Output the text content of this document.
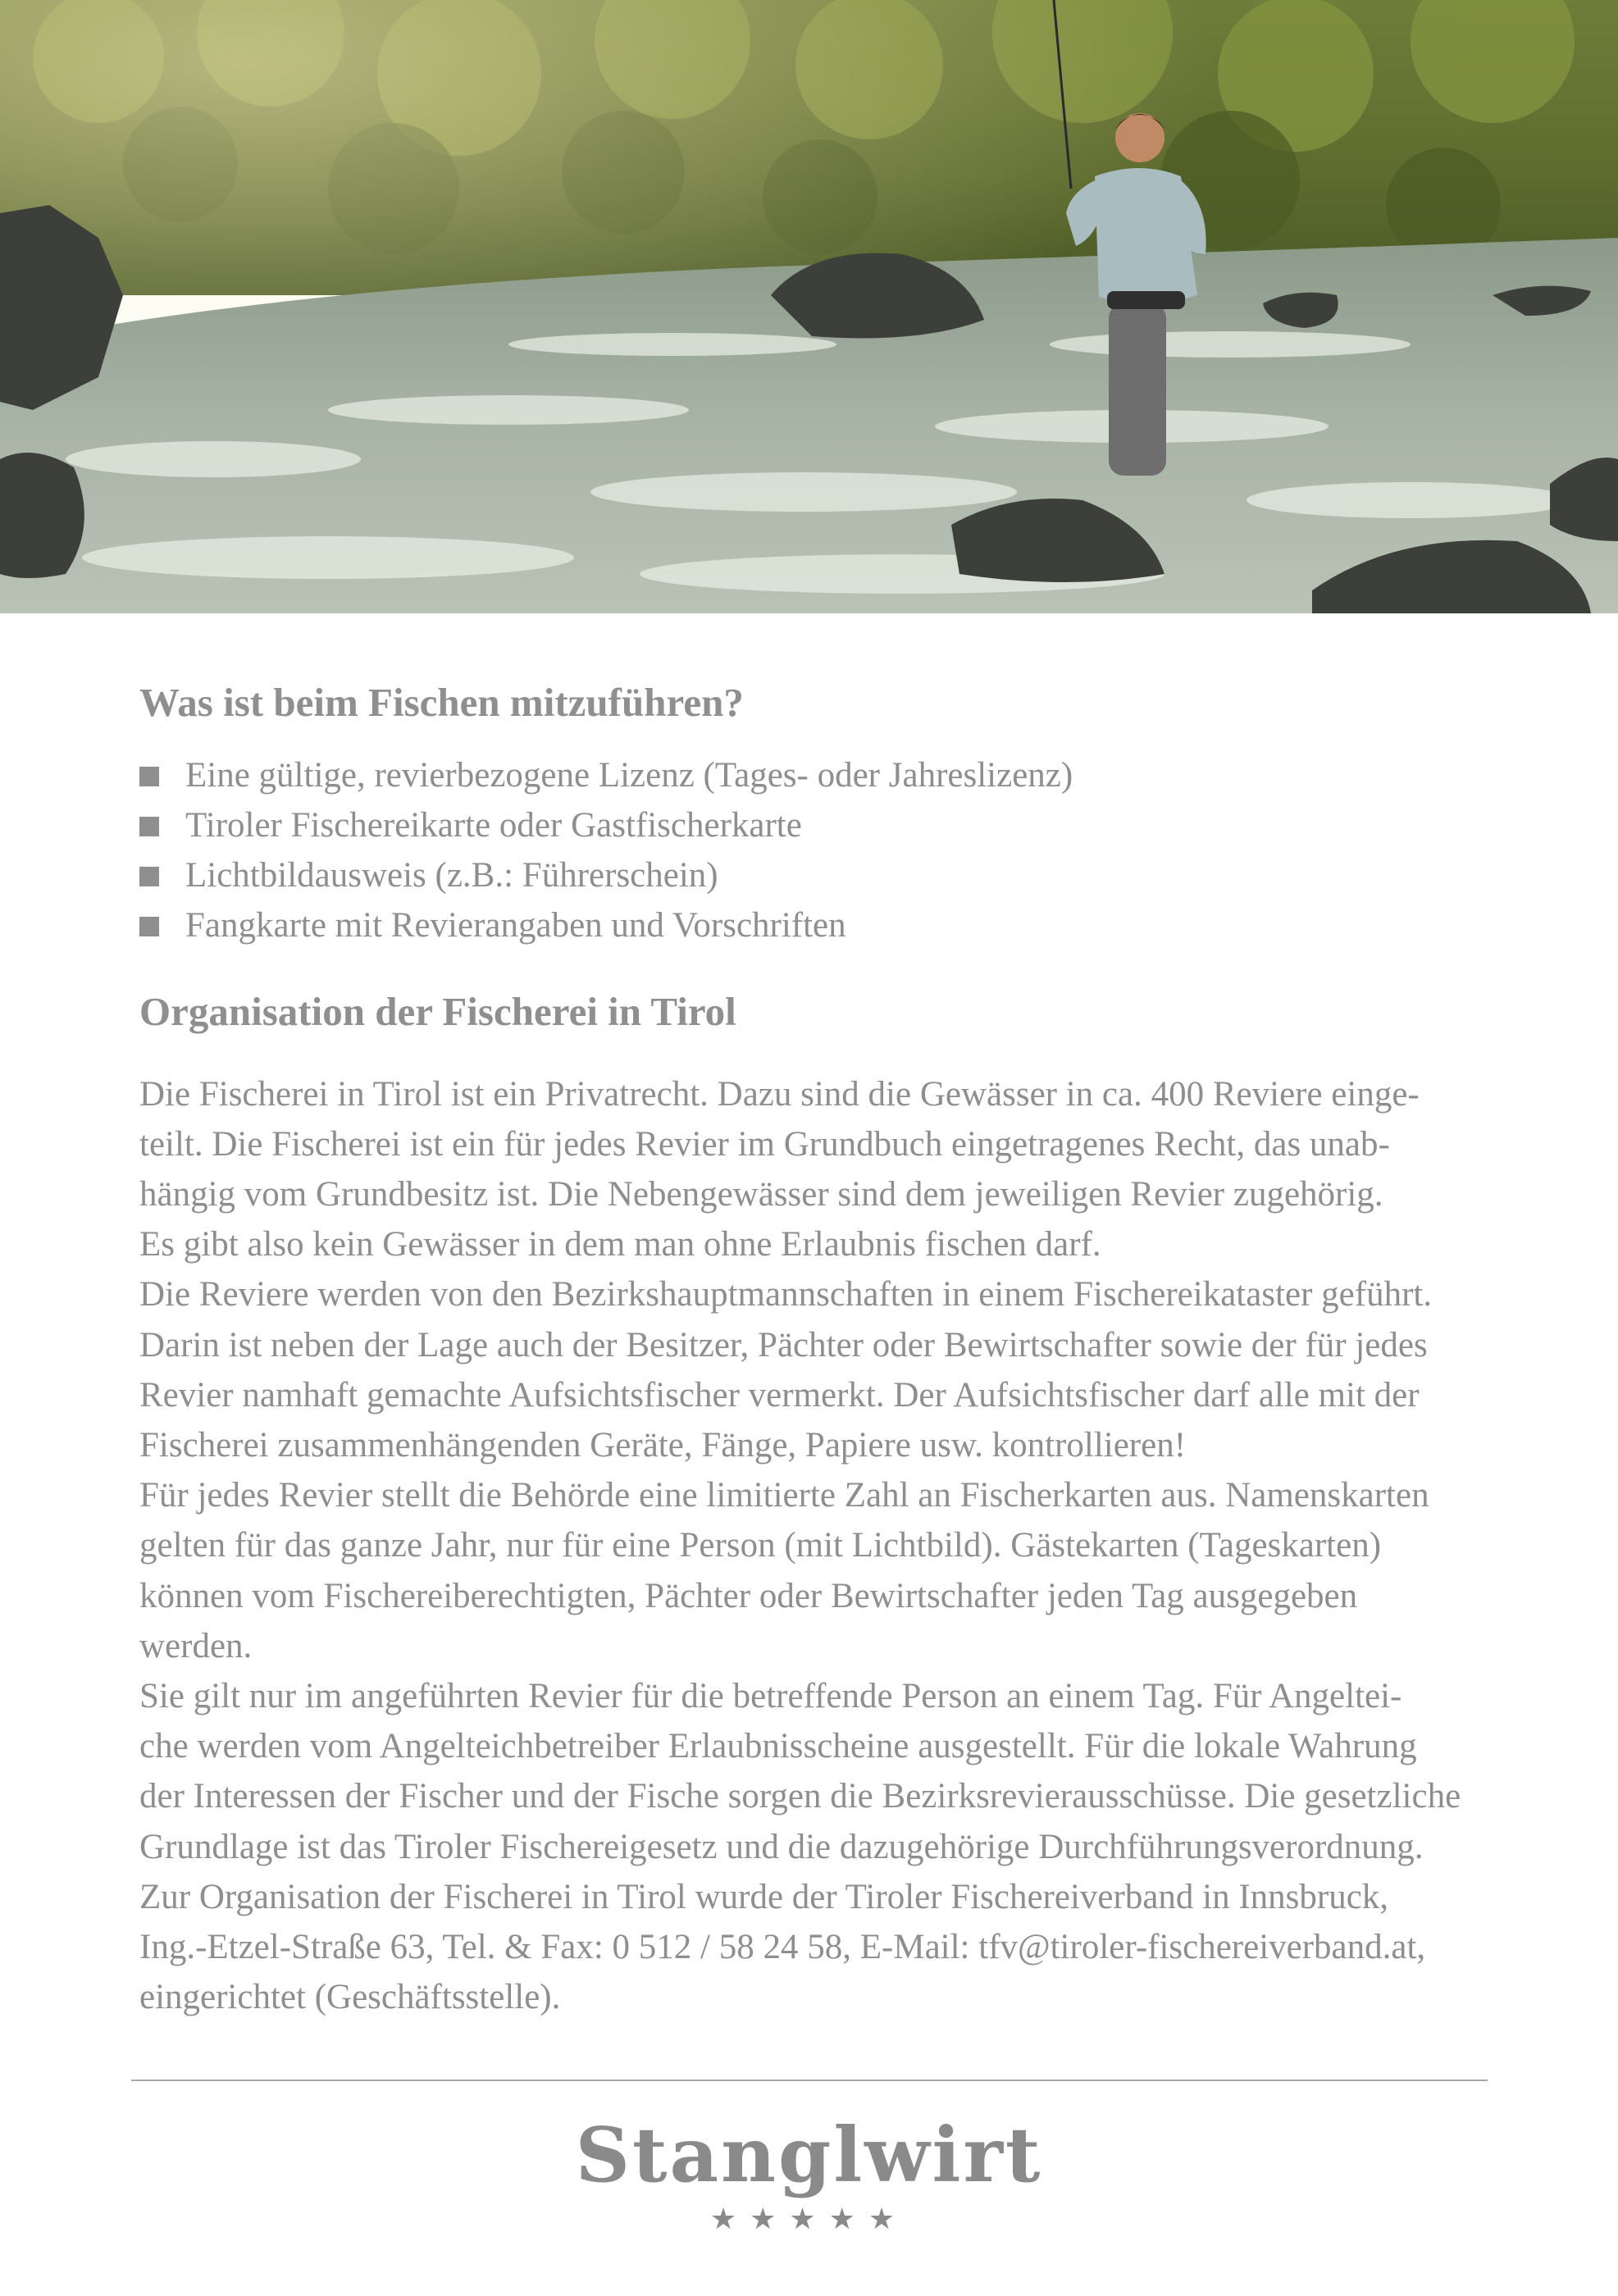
Was ist beim Fischen mitzuführen?
Eine gültige, revierbezogene Lizenz (Tages- oder Jahreslizenz)
Tiroler Fischereikarte oder Gastfischerkarte
Lichtbildausweis (z.B.: Führerschein)
Fangkarte mit Revierangaben und Vorschriften
Organisation der Fischerei in Tirol

Die Fischerei in Tirol ist ein Privatrecht. Dazu sind die Gewässer in ca. 400 Reviere einge-

teilt. Die Fischerei ist ein für jedes Revier im Grundbuch eingetragenes Recht, das unab-

hängig vom Grundbesitz ist. Die Nebengewässer sind dem jeweiligen Revier zugehörig.

Es gibt also kein Gewässer in dem man ohne Erlaubnis fischen darf.

Die Reviere werden von den Bezirkshauptmannschaften in einem Fischereikataster geführt.

Darin ist neben der Lage auch der Besitzer, Pächter oder Bewirtschafter sowie der für jedes

Revier namhaft gemachte Aufsichtsfischer vermerkt. Der Aufsichtsfischer darf alle mit der

Fischerei zusammenhängenden Geräte, Fänge, Papiere usw. kontrollieren!

Für jedes Revier stellt die Behörde eine limitierte Zahl an Fischerkarten aus. Namenskarten

gelten für das ganze Jahr, nur für eine Person (mit Lichtbild). Gästekarten (Tageskarten)

können vom Fischereiberechtigten, Pächter oder Bewirtschafter jeden Tag ausgegeben

werden.

Sie gilt nur im angeführten Revier für die betreffende Person an einem Tag. Für Angeltei-

che werden vom Angelteichbetreiber Erlaubnisscheine ausgestellt. Für die lokale Wahrung

der Interessen der Fischer und der Fische sorgen die Bezirksrevierausschüsse. Die gesetzliche

Grundlage ist das Tiroler Fischereigesetz und die dazugehörige Durchführungsverordnung.

Zur Organisation der Fischerei in Tirol wurde der Tiroler Fischereiverband in Innsbruck,

Ing.-Etzel-Straße 63, Tel. & Fax: 0 512 / 58 24 58, E-Mail: tfv@tiroler-fischereiverband.at,

eingerichtet (Geschäftsstelle).

Stanglwirt
★★★★★
